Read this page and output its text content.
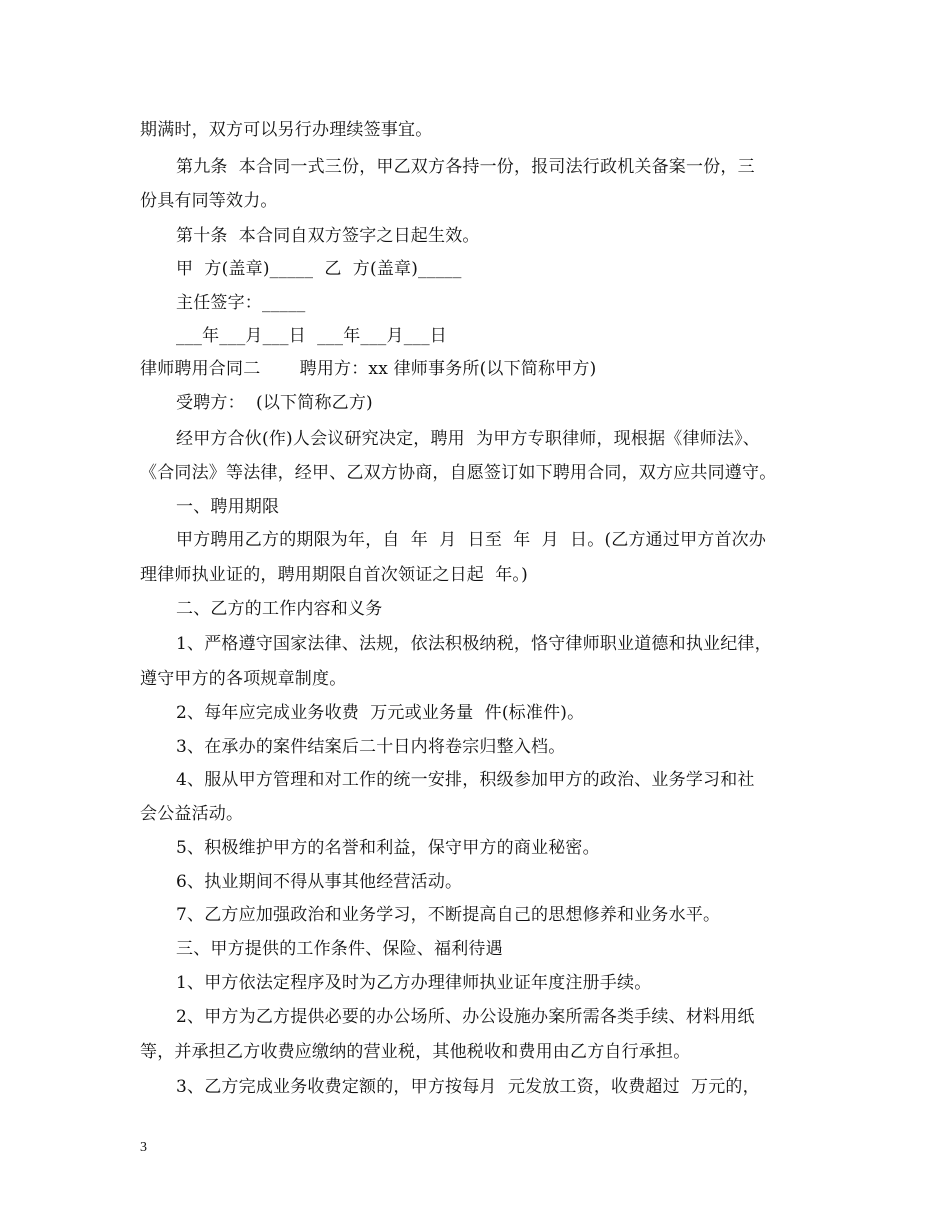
期满时，双方可以另行办理续签事宜。
第九条  本合同一式三份，甲乙双方各持一份，报司法行政机关备案一份，三
份具有同等效力。
第十条  本合同自双方签字之日起生效。
甲  方(盖章)_____  乙  方(盖章)_____
主任签字：_____
___年___月___日  ___年___月___日
律师聘用合同二       聘用方：xx 律师事务所(以下简称甲方)
受聘方：  (以下简称乙方)
经甲方合伙(作)人会议研究决定，聘用  为甲方专职律师，现根据《律师法》、
《合同法》等法律，经甲、乙双方协商，自愿签订如下聘用合同，双方应共同遵守。
一、聘用期限
甲方聘用乙方的期限为年，自  年  月  日至  年  月  日。(乙方通过甲方首次办
理律师执业证的，聘用期限自首次领证之日起  年。)
二、乙方的工作内容和义务
1、严格遵守国家法律、法规，依法积极纳税，恪守律师职业道德和执业纪律，
遵守甲方的各项规章制度。
2、每年应完成业务收费  万元或业务量  件(标准件)。
3、在承办的案件结案后二十日内将卷宗归整入档。
4、服从甲方管理和对工作的统一安排，积级参加甲方的政治、业务学习和社
会公益活动。
5、积极维护甲方的名誉和利益，保守甲方的商业秘密。
6、执业期间不得从事其他经营活动。
7、乙方应加强政治和业务学习，不断提高自己的思想修养和业务水平。
三、甲方提供的工作条件、保险、福利待遇
1、甲方依法定程序及时为乙方办理律师执业证年度注册手续。
2、甲方为乙方提供必要的办公场所、办公设施办案所需各类手续、材料用纸
等，并承担乙方收费应缴纳的营业税，其他税收和费用由乙方自行承担。
3、乙方完成业务收费定额的，甲方按每月  元发放工资，收费超过  万元的，
3
